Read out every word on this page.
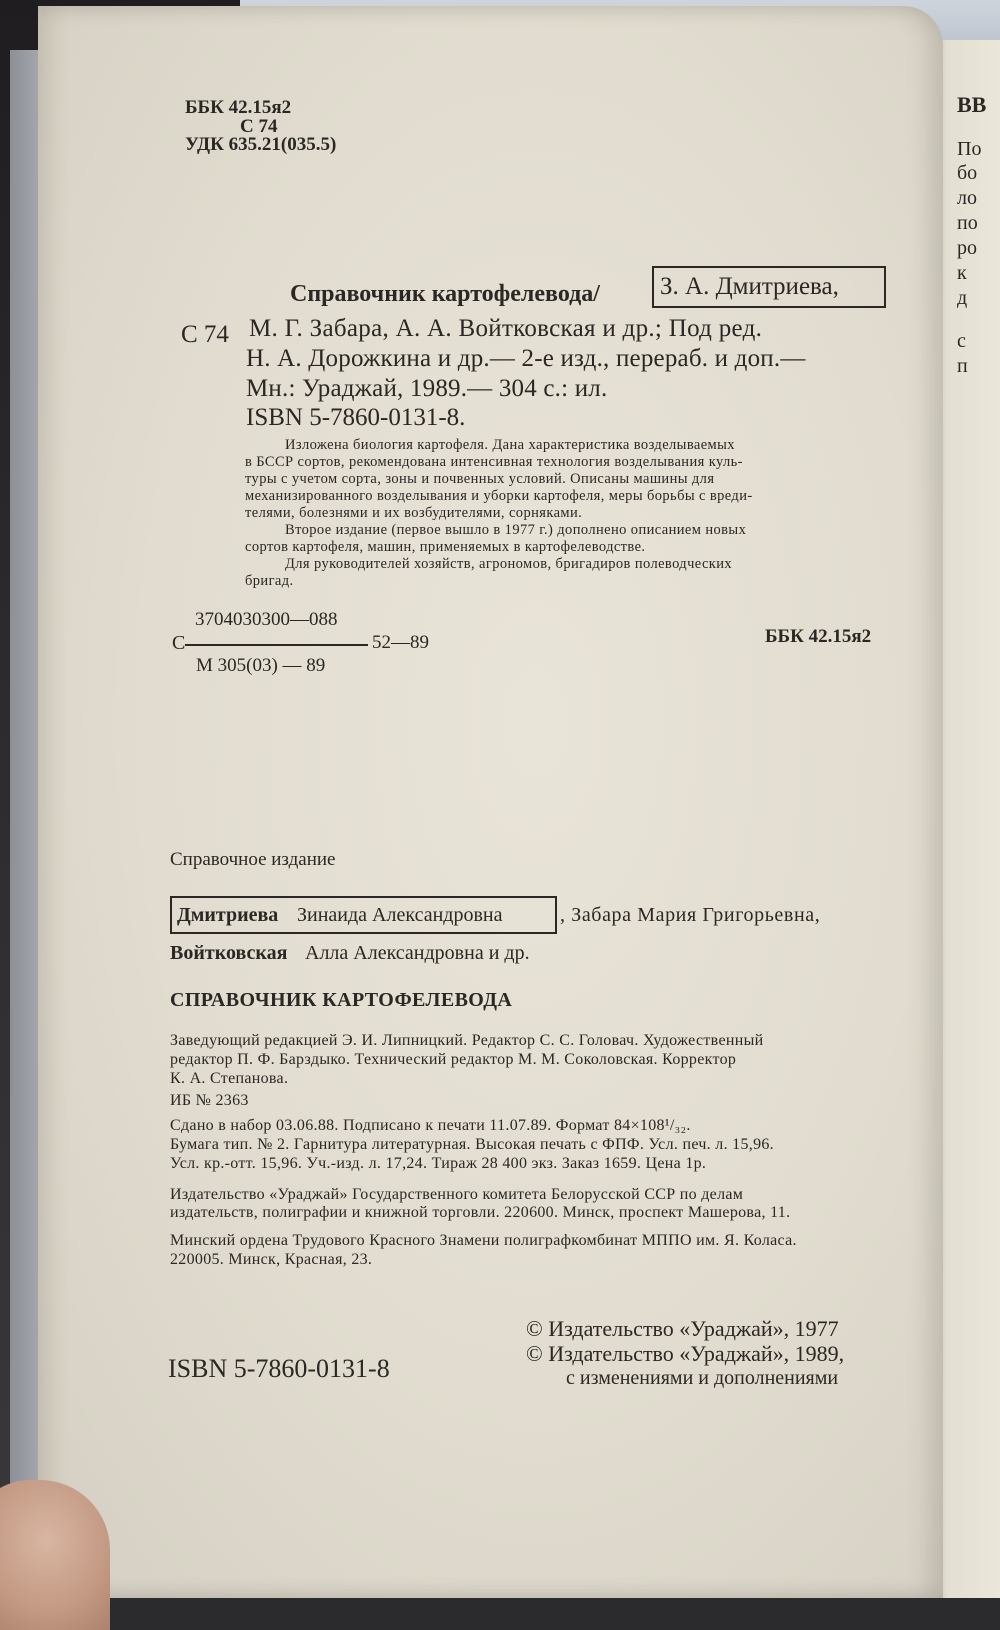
ВВ
По
бо
ло
по
ро
к
д
с
п
ББК 42.15я2
С 74
УДК 635.21(035.5)
Справочник картофелевода/	З. А. Дмитриева,
С 74 М. Г. Забара, А. А. Войтковская и др.; Под ред.
Н. А. Дорожкина и др.— 2-е изд., перераб. и доп.—
Мн.: Ураджай, 1989.— 304 с.: ил.
ISBN 5-7860-0131-8.
Изложена биология картофеля. Дана характеристика возделываемых
в БССР сортов, рекомендована интенсивная технология возделывания куль-
туры с учетом сорта, зоны и почвенных условий. Описаны машины для
механизированного возделывания и уборки картофеля, меры борьбы с вреди-
телями, болезнями и их возбудителями, сорняками.
Второе издание (первое вышло в 1977 г.) дополнено описанием новых
сортов картофеля, машин, применяемых в картофелеводстве.
Для руководителей хозяйств, агрономов, бригадиров полеводческих
бригад.
3704030300—088
С	52—89
М 305(03) — 89
ББК 42.15я2
Справочное издание
Дмитриева Зинаида Александровна	, Забара Мария Григорьевна,
Войтковская Алла Александровна и др.
СПРАВОЧНИК КАРТОФЕЛЕВОДА
Заведующий редакцией Э. И. Липницкий. Редактор С. С. Головач. Художественный
редактор П. Ф. Барздыко. Технический редактор М. М. Соколовская. Корректор
К. А. Степанова.
ИБ № 2363
Сдано в набор 03.06.88. Подписано к печати 11.07.89. Формат 84×108¹/₃₂.
Бумага тип. № 2. Гарнитура литературная. Высокая печать с ФПФ. Усл. печ. л. 15,96.
Усл. кр.-отт. 15,96. Уч.-изд. л. 17,24. Тираж 28 400 экз. Заказ 1659. Цена 1р.
Издательство «Ураджай» Государственного комитета Белорусской ССР по делам
издательств, полиграфии и книжной торговли. 220600. Минск, проспект Машерова, 11.
Минский ордена Трудового Красного Знамени полиграфкомбинат МППО им. Я. Коласа.
220005. Минск, Красная, 23.
ISBN 5-7860-0131-8
© Издательство «Ураджай», 1977
© Издательство «Ураджай», 1989,
с изменениями и дополнениями
